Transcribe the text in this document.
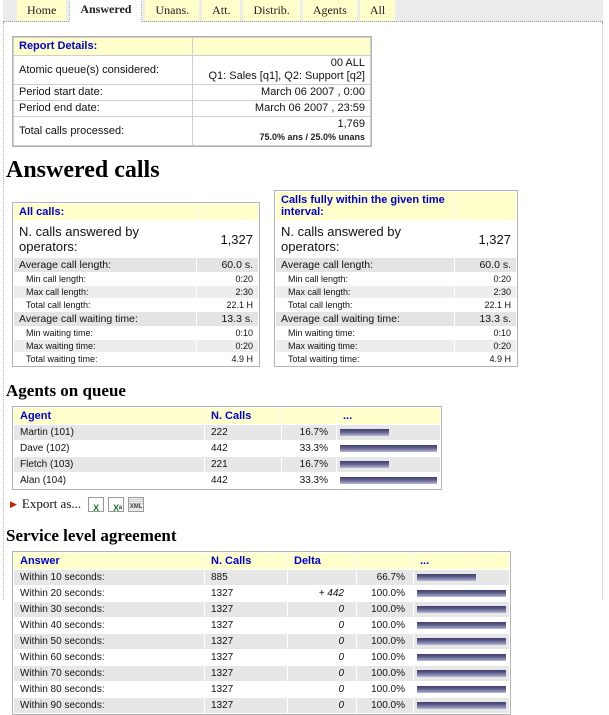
Home	Answered	Unans.	Att.	Distrib.	Agents	All
Report Details:	
Atomic queue(s) considered:	00 ALL
Q1: Sales [q1], Q2: Support [q2]

Period start date:	March 06 2007 , 0:00

Period end date:	March 06 2007 , 23:59

Total calls processed:	1,769
75.0% ans / 25.0% unans
Answered calls
All calls:	
N. calls answered by operators:	1,327
Average call length:	60.0 s.
Min call length:	0:20
Max call length:	2:30
Total call length:	22.1 H
Average call waiting time:	13.3 s.
Min waiting time:	0:10
Max waiting time:	0:20
Total waiting time:	4.9 H
Calls fully within the given time interval:	
N. calls answered by operators:	1,327
Average call length:	60.0 s.
Min call length:	0:20
Max call length:	2:30
Total call length:	22.1 H
Average call waiting time:	13.3 s.
Min waiting time:	0:10
Max waiting time:	0:20
Total waiting time:	4.9 H
Agents on queue
Agent	N. Calls		...
Martin (101)	222	16.7%	

Dave (102)	442	33.3%	

Fletch (103)	221	16.7%	

Alan (104)	442	33.3%	
▶ Export as...	X	X a XML
Service level agreement
Answer	N. Calls	Delta		...
Within 10 seconds:	885		66.7%	

Within 20 seconds:	1327	+ 442	100.0%	

Within 30 seconds:	1327	0	100.0%	

Within 40 seconds:	1327	0	100.0%	

Within 50 seconds:	1327	0	100.0%	

Within 60 seconds:	1327	0	100.0%	

Within 70 seconds:	1327	0	100.0%	

Within 80 seconds:	1327	0	100.0%	

Within 90 seconds:	1327	0	100.0%	
